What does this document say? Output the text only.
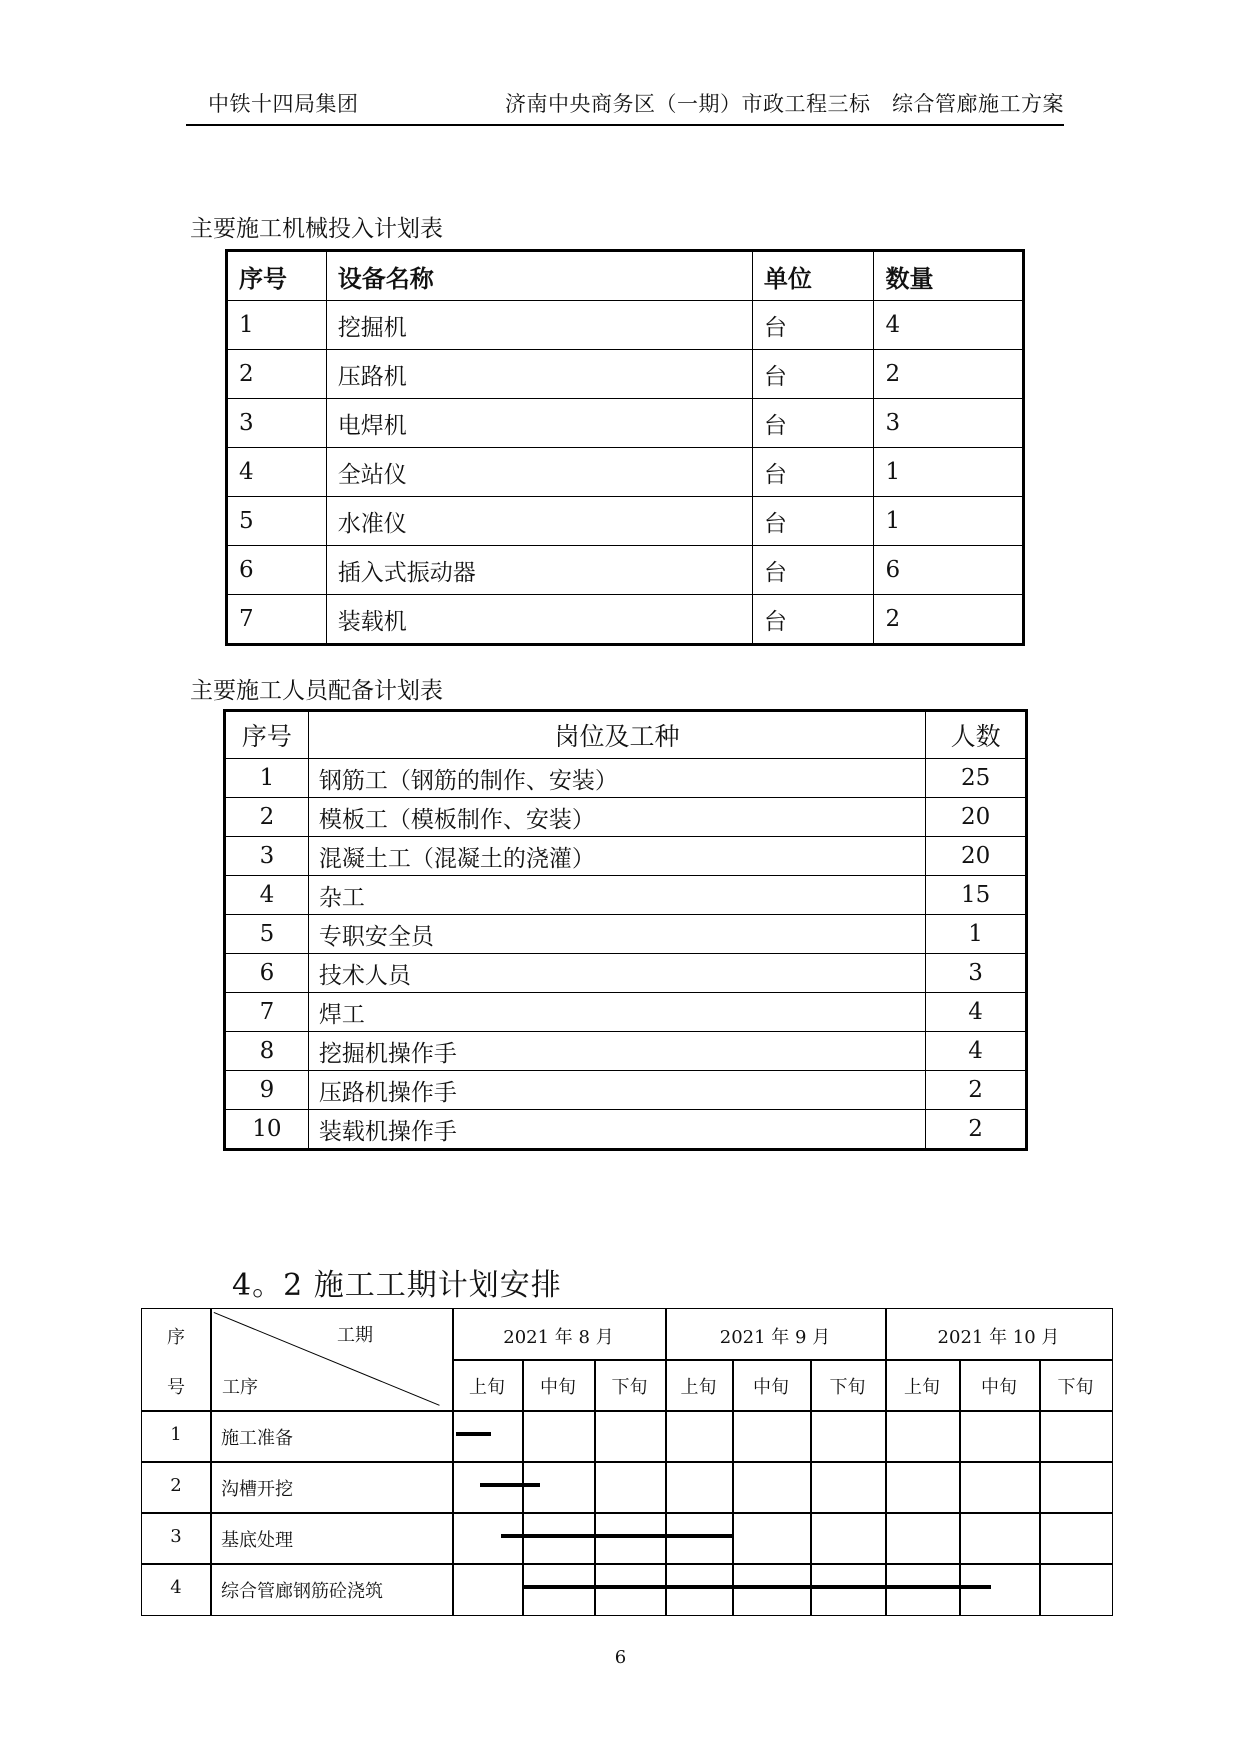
中铁十四局集团	济南中央商务区（一期）市政工程三标　综合管廊施工方案
主要施工机械投入计划表
序号	设备名称	单位	数量
1	挖掘机	台	4
2	压路机	台	2
3	电焊机	台	3
4	全站仪	台	1
5	水准仪	台	1
6	插入式振动器	台	6
7	装载机	台	2
主要施工人员配备计划表
序号	岗位及工种	人数
1	钢筋工（钢筋的制作、安装）	25
2	模板工（模板制作、安装）	20
3	混凝土工（混凝土的浇灌）	20
4	杂工	15
5	专职安全员	1
6	技术人员	3
7	焊工	4
8	挖掘机操作手	4
9	压路机操作手	2
10	装载机操作手	2
4。2 施工工期计划安排
序
号
工期
工序
2021 年 8 月	2021 年 9 月	2021 年 10 月
上旬	中旬	下旬	上旬	中旬	下旬	上旬	中旬	下旬
1	施工准备
2	沟槽开挖
3	基底处理
4	综合管廊钢筋砼浇筑
6
